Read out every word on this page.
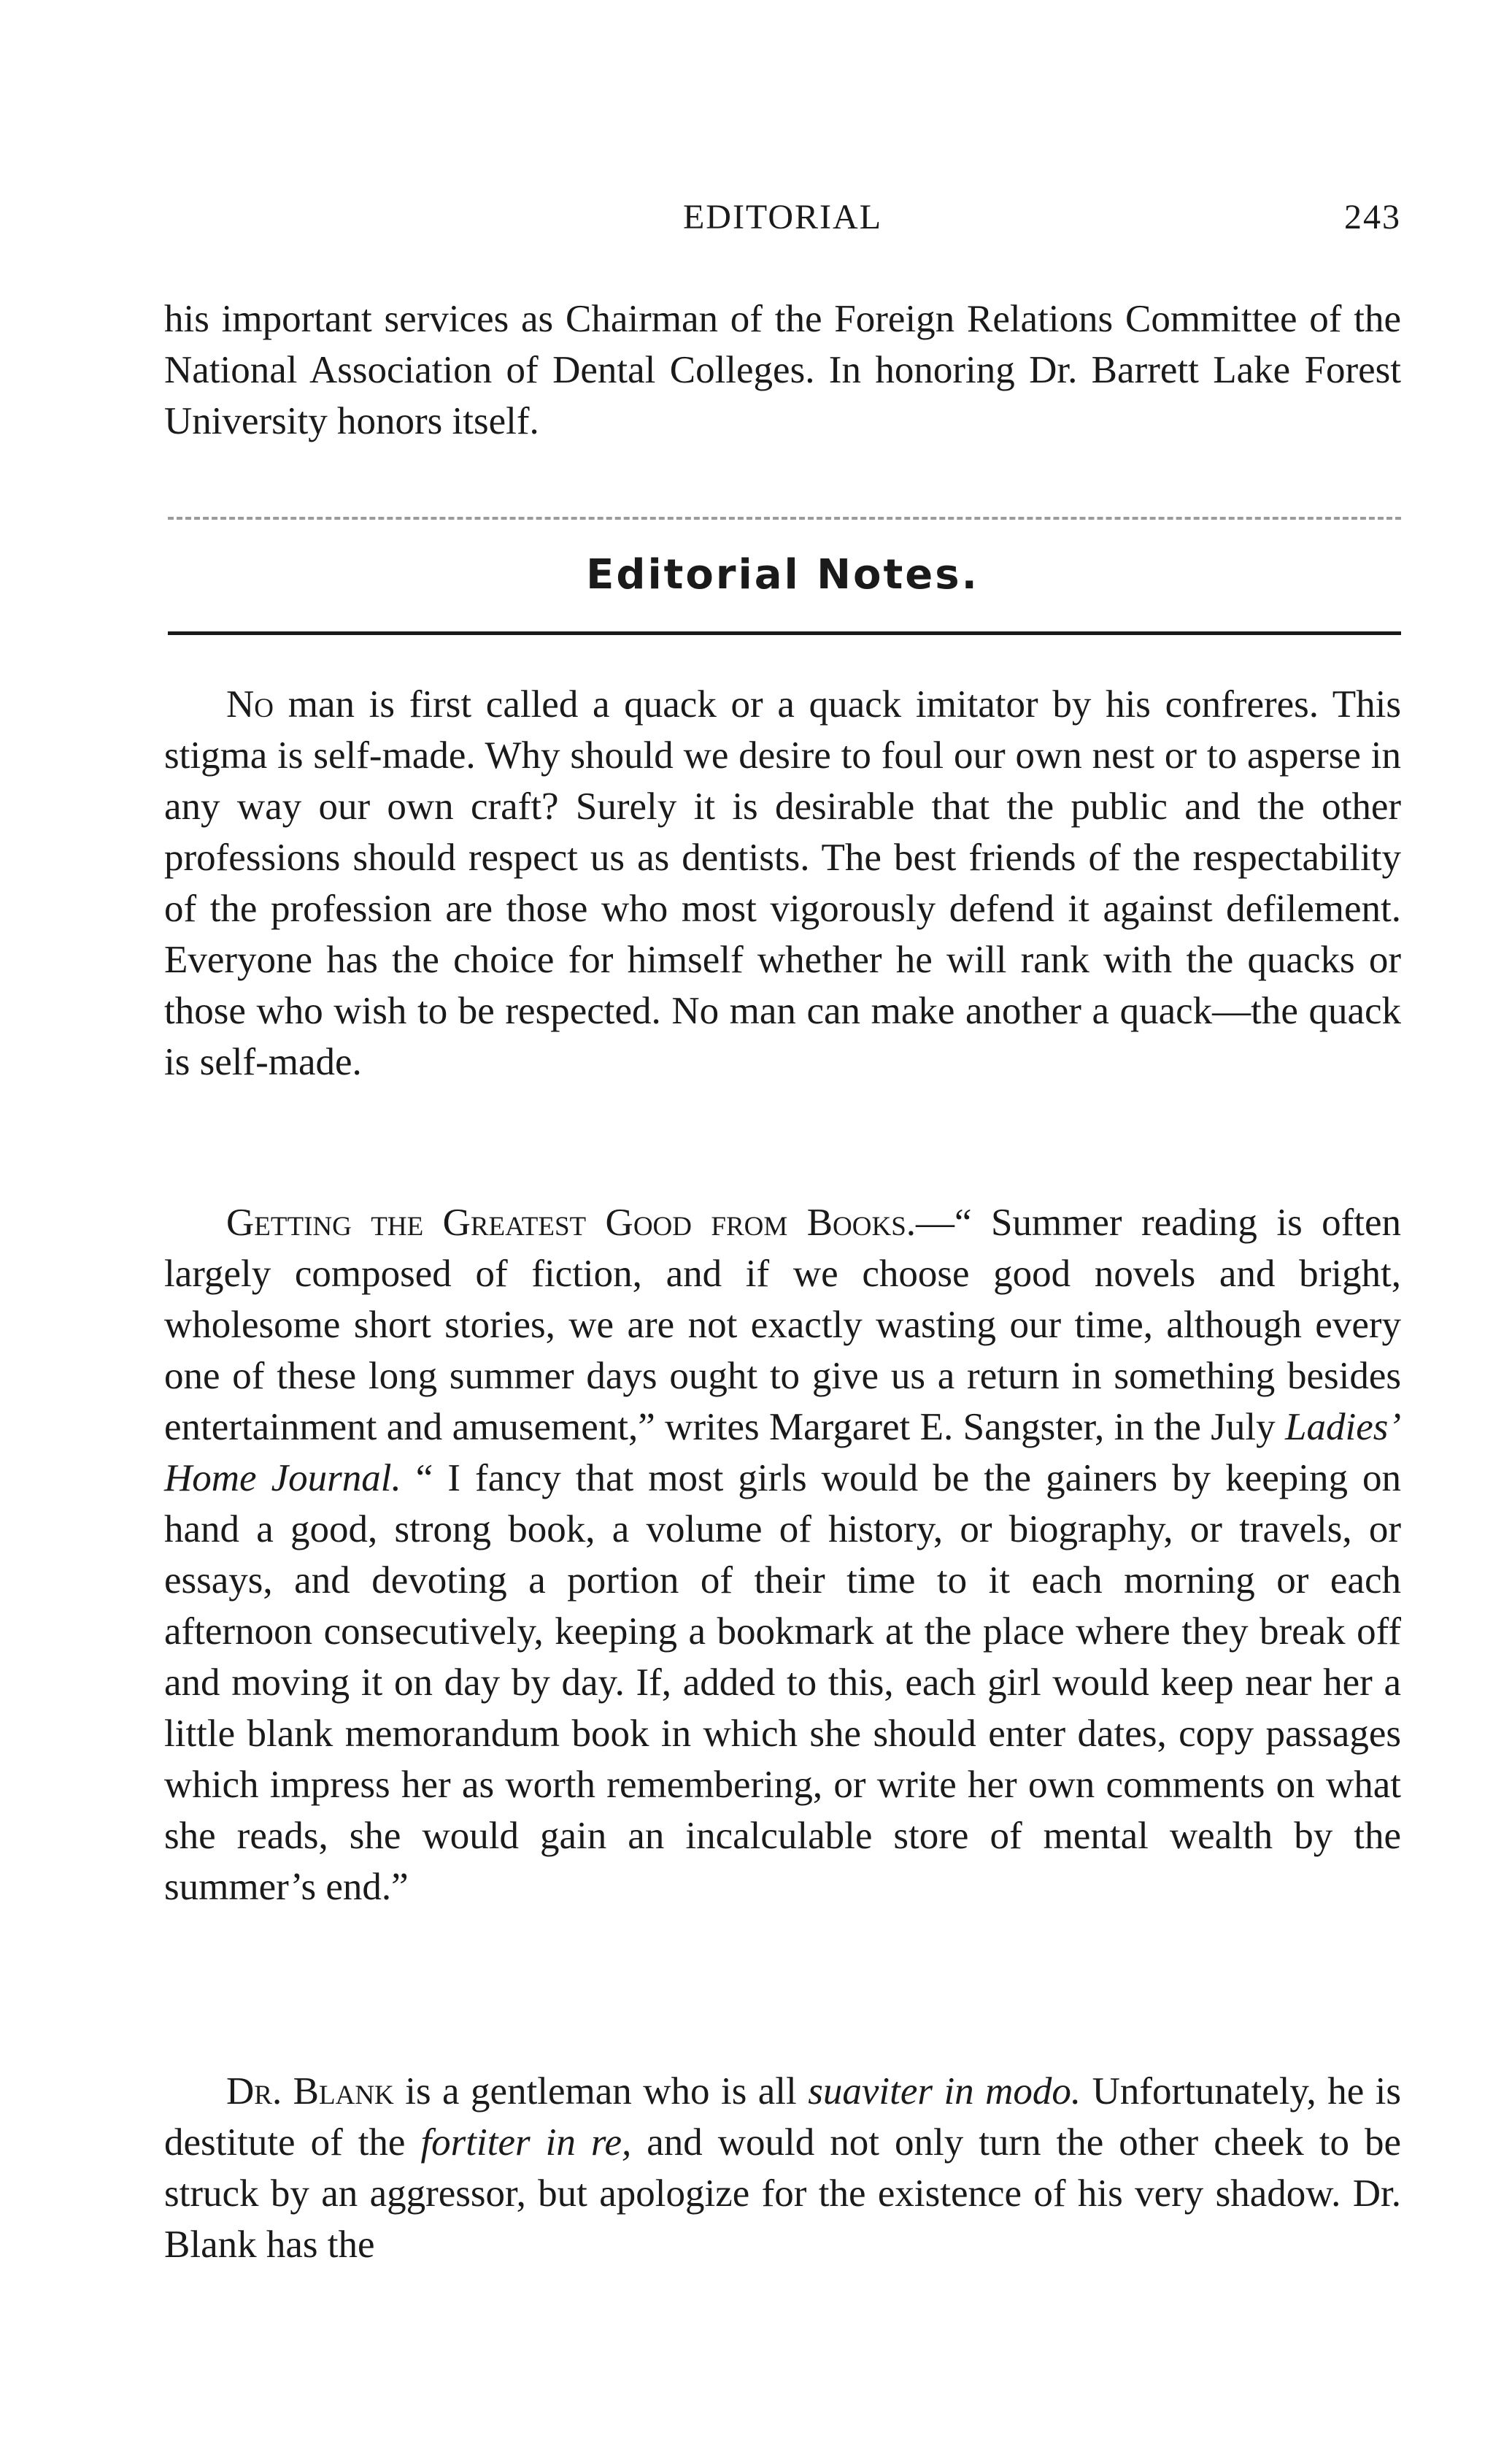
EDITORIAL	243

his important services as Chairman of the Foreign Relations Committee of the National Association of Dental Colleges. In honoring Dr. Barrett Lake Forest University honors itself.

Editorial Notes.

No man is first called a quack or a quack imitator by his confreres. This stigma is self-made. Why should we desire to foul our own nest or to asperse in any way our own craft? Surely it is desirable that the public and the other professions should respect us as dentists. The best friends of the respectability of the profession are those who most vigorously defend it against defilement. Everyone has the choice for himself whether he will rank with the quacks or those who wish to be respected. No man can make another a quack—the quack is self-made.

Getting the Greatest Good from Books.—“ Summer reading is often largely composed of fiction, and if we choose good novels and bright, wholesome short stories, we are not exactly wasting our time, although every one of these long summer days ought to give us a return in something besides entertainment and amusement,” writes Margaret E. Sangster, in the July Ladies’ Home Journal. “ I fancy that most girls would be the gainers by keeping on hand a good, strong book, a volume of history, or biography, or travels, or essays, and devoting a portion of their time to it each morning or each afternoon consecutively, keeping a bookmark at the place where they break off and moving it on day by day. If, added to this, each girl would keep near her a little blank memorandum book in which she should enter dates, copy passages which impress her as worth remembering, or write her own comments on what she reads, she would gain an incalculable store of mental wealth by the summer’s end.”

Dr. Blank is a gentleman who is all suaviter in modo. Unfortunately, he is destitute of the fortiter in re, and would not only turn the other cheek to be struck by an aggressor, but apologize for the existence of his very shadow. Dr. Blank has the
